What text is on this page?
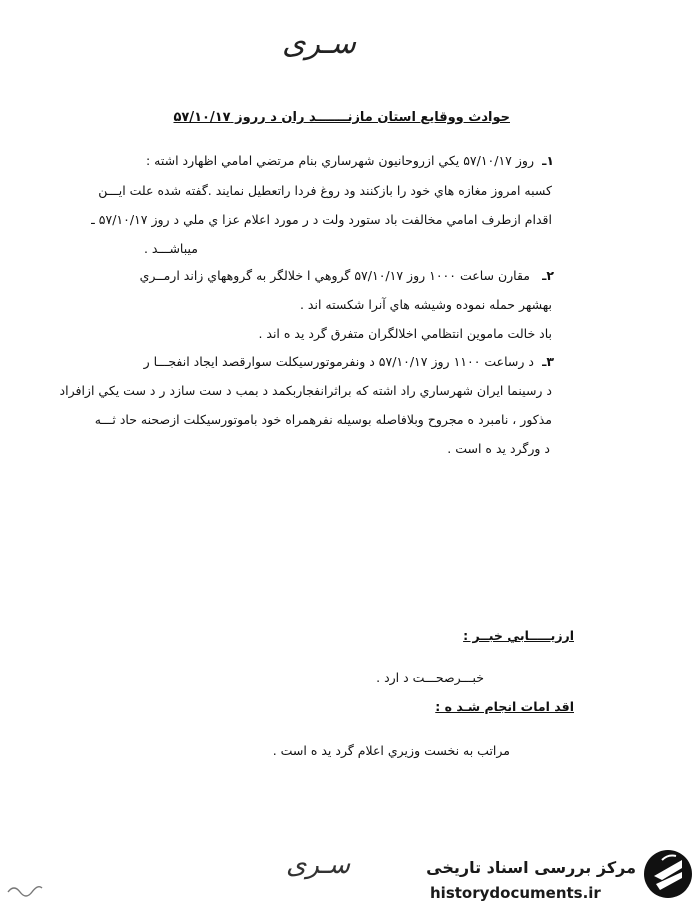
سـرى
حوادث ووقايع استان مازنـــــــد ران د رروز ۵۷/۱۰/۱۷
۱ـ
روز ۵۷/۱۰/۱۷ يکي ازروحانيون شهرساري بنام مرتضي امامي اظهارد اشته :
کسبه امروز مغازه هاي خود را بازکنند ود روغ فردا راتعطيل نمايند .گفته شده علت ايـــن
اقدام ازطرف امامي مخالفت باد ستورد ولت د ر مورد اعلام عزا ي ملي د روز ۵۷/۱۰/۱۷ ـ
ميباشـــد .
۲ـ
مقارن ساعت ۱۰۰۰ روز ۵۷/۱۰/۱۷ گروهي ا خلالگر به گروههاي زاند ارمــري
بهشهر حمله نموده وشيشه هاي آنرا شکسته اند .
باد خالت ماموين انتظامي اخلالگران متفرق گرد يد ه اند .
۳ـ
د رساعت ۱۱۰۰ روز ۵۷/۱۰/۱۷ د ونفرموتورسيکلت سوارقصد ايجاد انفجـــا ر
د رسينما ايران شهرساري راد اشته که براثرانفجاربکمد د بمب د ست سازد ر د ست يکي ازافراد
مذکور ، نامبرد ه مجروح وبلافاصله بوسيله نفرهمراه خود باموتورسيکلت ازصحنه حاد ثـــه
د ورگرد يد ه است .
ارزيـــــابي خبــر :
خبـــرصحـــت د ارد .
اقد امات انجام شـد ه :
مراتب به نخست وزيري اعلام گرد يد ه است .
سـرى	مرکز بررسی اسناد تاریخی
historydocuments.ir
